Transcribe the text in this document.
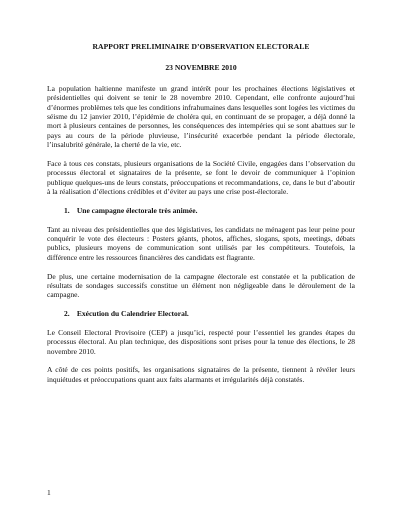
RAPPORT PRELIMINAIRE D’OBSERVATION ELECTORALE

23 NOVEMBRE 2010

La population haïtienne manifeste un grand intérêt pour les prochaines élections législatives et présidentielles qui doivent se tenir le 28 novembre 2010. Cependant, elle confronte aujourd’hui d’énormes problèmes tels que les conditions infrahumaines dans lesquelles sont logées les victimes du séisme du 12 janvier 2010, l’épidémie de choléra qui, en continuant de se propager, a déjà donné la mort à plusieurs centaines de personnes, les conséquences des intempéries qui se sont abattues sur le pays au cours de la période pluvieuse, l’insécurité exacerbée pendant la période électorale, l’insalubrité générale, la cherté de la vie, etc.

Face à tous ces constats, plusieurs organisations de la Société Civile, engagées dans l’observation du processus électoral et signataires de la présente, se font le devoir de communiquer à l’opinion publique quelques-uns de leurs constats, préoccupations et recommandations, ce, dans le but d’aboutir à la réalisation d’élections crédibles et d’éviter au pays une crise post-électorale.

1. Une campagne électorale très animée.

Tant au niveau des présidentielles que des législatives, les candidats ne ménagent pas leur peine pour conquérir le vote des électeurs : Posters géants, photos, affiches, slogans, spots, meetings, débats publics, plusieurs moyens de communication sont utilisés par les compétiteurs. Toutefois, la différence entre les ressources financières des candidats est flagrante.

De plus, une certaine modernisation de la campagne électorale est constatée et la publication de résultats de sondages successifs constitue un élément non négligeable dans le déroulement de la campagne.

2. Exécution du Calendrier Electoral.

Le Conseil Electoral Provisoire (CEP) a jusqu’ici, respecté pour l’essentiel les grandes étapes du processus électoral. Au plan technique, des dispositions sont prises pour la tenue des élections, le 28 novembre 2010.

A côté de ces points positifs, les organisations signataires de la présente, tiennent à révéler leurs inquiétudes et préoccupations quant aux faits alarmants et irrégularités déjà constatés.

1
